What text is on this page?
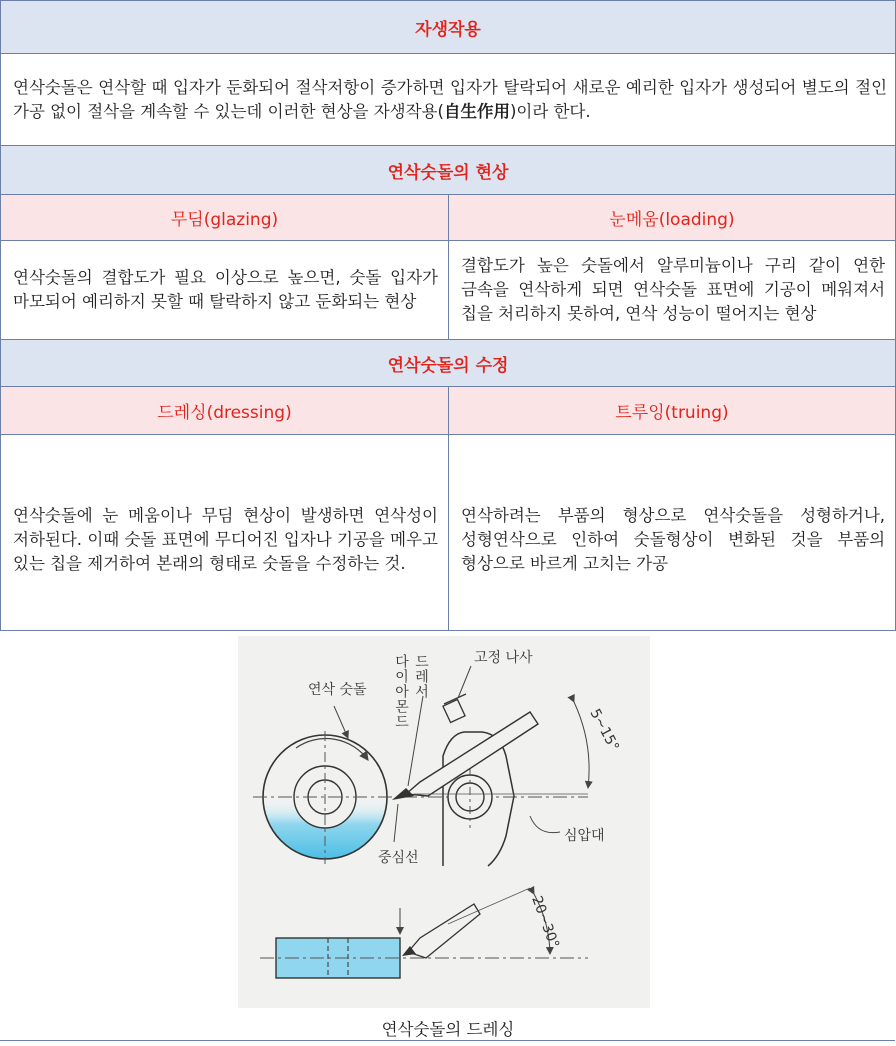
자생작용	

연삭숫돌은 연삭할 때 입자가 둔화되어 절삭저항이 증가하면 입자가 탈락되어 새로운 예리한 입자가 생성되어 별도의 절인 가공 없이 절삭을 계속할 수 있는데 이러한 현상을 자생작용(自生作用)이라 한다.	

연삭숫돌의 현상	
무딤(glazing)	눈메움(loading)

연삭숫돌의 결합도가 필요 이상으로 높으면, 숫돌 입자가 마모되어 예리하지 못할 때 탈락하지 않고 둔화되는 현상	결합도가 높은 숫돌에서 알루미늄이나 구리 같이 연한 금속을 연삭하게 되면 연삭숫돌 표면에 기공이 메워져서 칩을 처리하지 못하여, 연삭 성능이 떨어지는 현상

연삭숫돌의 수정	
드레싱(dressing)	트루잉(truing)

연삭숫돌에 눈 메움이나 무딤 현상이 발생하면 연삭성이 저하된다. 이때 숫돌 표면에 무디어진 입자나 기공을 메우고 있는 칩을 제거하여 본래의 형태로 숫돌을 수정하는 것.	연삭하려는 부품의 형상으로 연삭숫돌을 성형하거나, 성형연삭으로 인하여 숫돌형상이 변화된 것을 부품의 형상으로 바르게 고치는 가공
연삭 숫돌 다이아몬드 드레서	고정 나사
5~15°
중심선
심압대
20~30°
연삭숫돌의 드레싱
